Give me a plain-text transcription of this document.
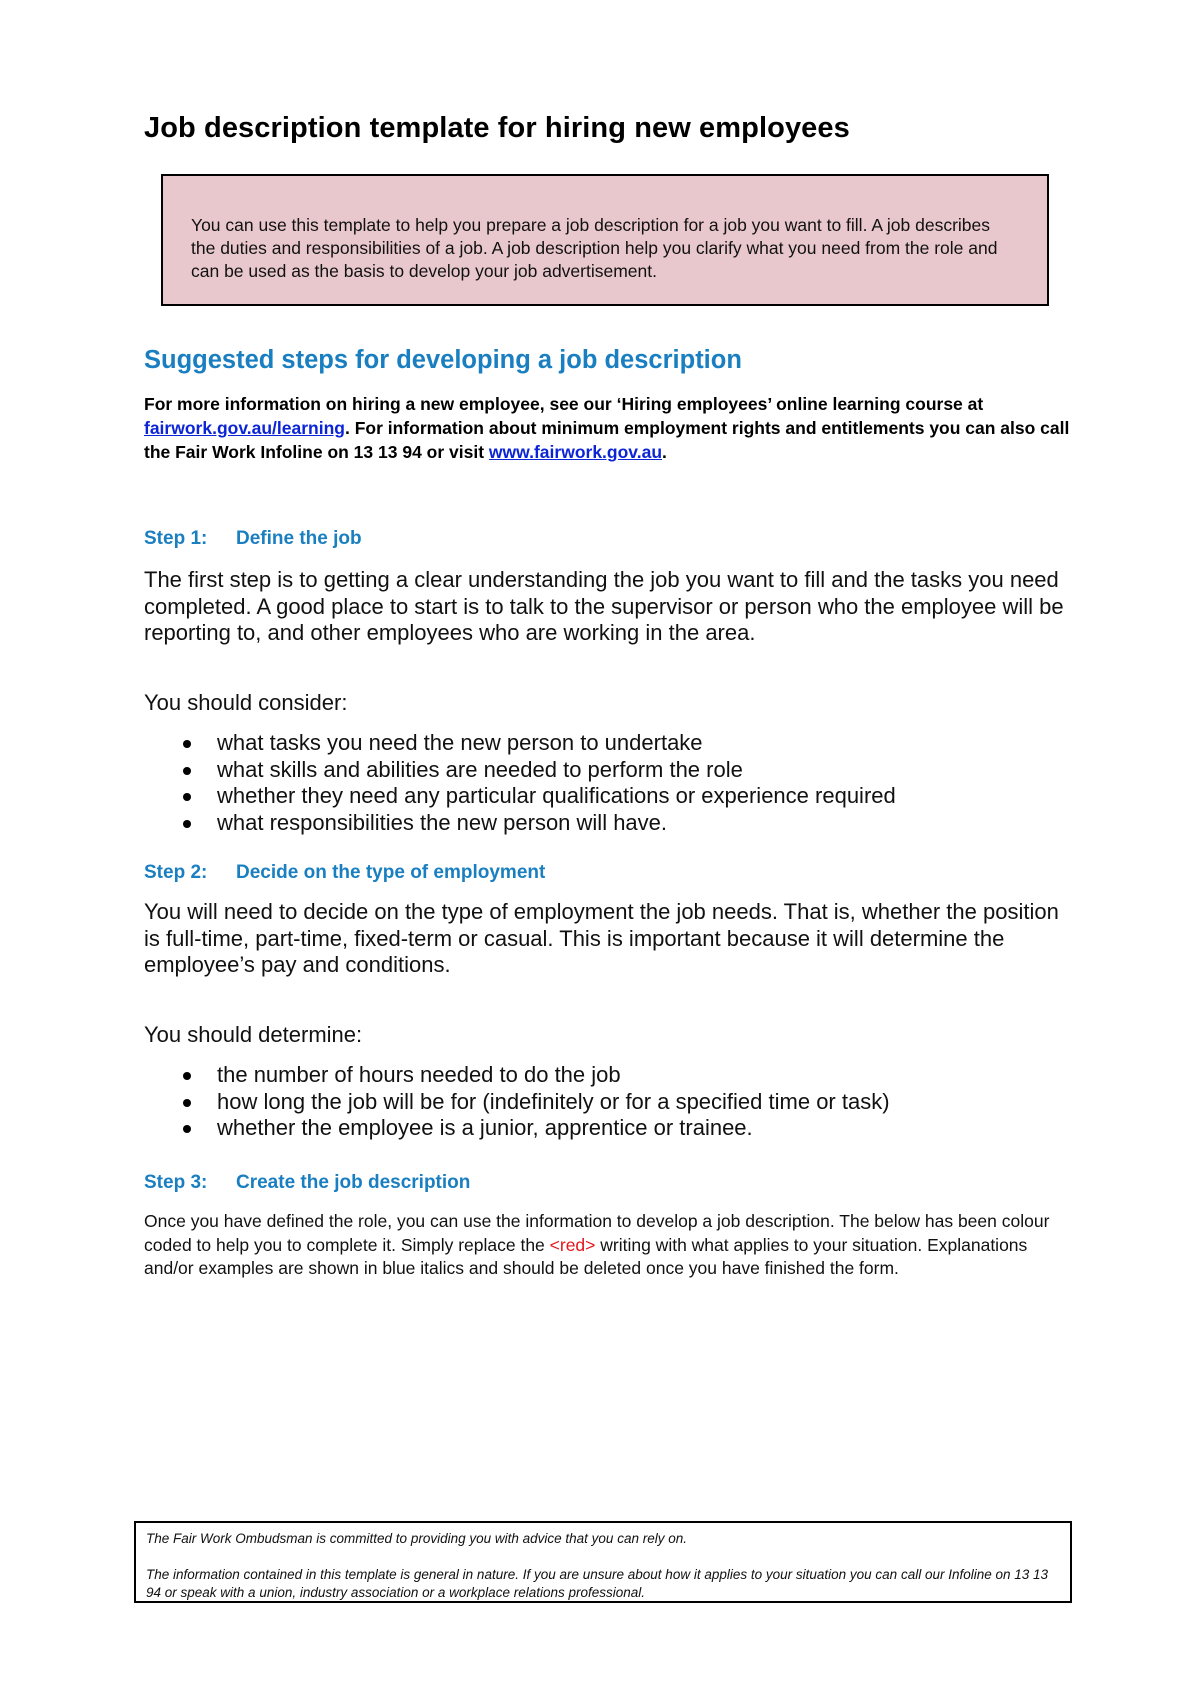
Job description template for hiring new employees
You can use this template to help you prepare a job description for a job you want to fill. A job describes the duties and responsibilities of a job. A job description help you clarify what you need from the role and can be used as the basis to develop your job advertisement.
Suggested steps for developing a job description

For more information on hiring a new employee, see our ‘Hiring employees’ online learning course at fairwork.gov.au/learning. For information about minimum employment rights and entitlements you can also call the Fair Work Infoline on 13 13 94 or visit www.fairwork.gov.au.

Step 1: Define the job

The first step is to getting a clear understanding the job you want to fill and the tasks you need completed. A good place to start is to talk to the supervisor or person who the employee will be reporting to, and other employees who are working in the area.

You should consider:

what tasks you need the new person to undertake
what skills and abilities are needed to perform the role
whether they need any particular qualifications or experience required
what responsibilities the new person will have.
Step 2: Decide on the type of employment

You will need to decide on the type of employment the job needs. That is, whether the position is full-time, part-time, fixed-term or casual. This is important because it will determine the employee’s pay and conditions.

You should determine:

the number of hours needed to do the job
how long the job will be for (indefinitely or for a specified time or task)
whether the employee is a junior, apprentice or trainee.
Step 3: Create the job description

Once you have defined the role, you can use the information to develop a job description. The below has been colour coded to help you to complete it. Simply replace the <red> writing with what applies to your situation. Explanations and/or examples are shown in blue italics and should be deleted once you have finished the form.

The Fair Work Ombudsman is committed to providing you with advice that you can rely on.

The information contained in this template is general in nature. If you are unsure about how it applies to your situation you can call our Infoline on 13 13 94 or speak with a union, industry association or a workplace relations professional.
